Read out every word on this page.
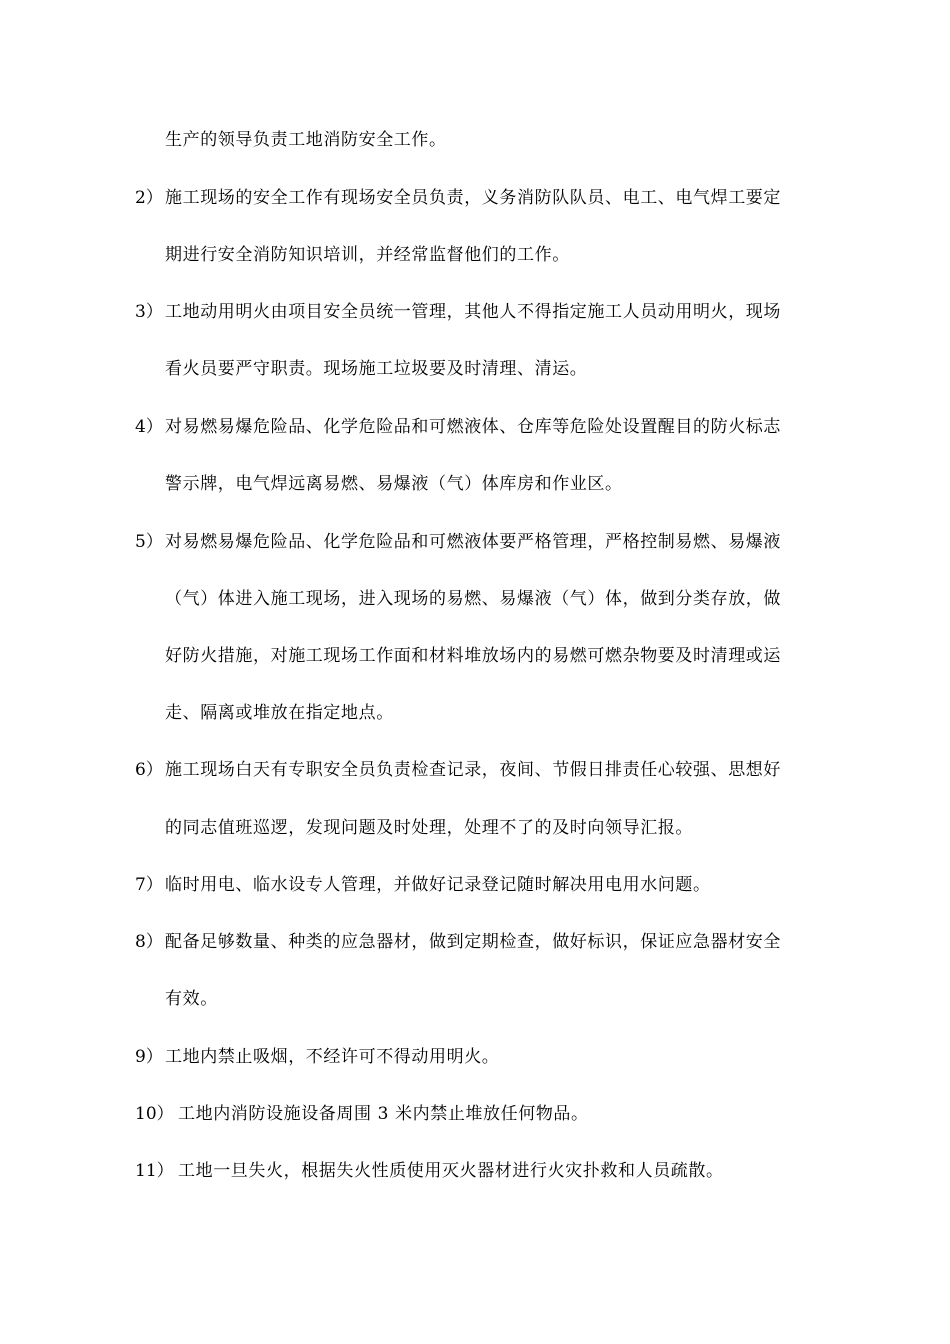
生产的领导负责工地消防安全工作。
2） 施工现场的安全工作有现场安全员负责，义务消防队队员、电工、电气焊工要定
期进行安全消防知识培训，并经常监督他们的工作。
3） 工地动用明火由项目安全员统一管理，其他人不得指定施工人员动用明火，现场
看火员要严守职责。现场施工垃圾要及时清理、清运。
4） 对易燃易爆危险品、化学危险品和可燃液体、仓库等危险处设置醒目的防火标志
警示牌，电气焊远离易燃、易爆液（气）体库房和作业区。
5） 对易燃易爆危险品、化学危险品和可燃液体要严格管理，严格控制易燃、易爆液
（气）体进入施工现场，进入现场的易燃、易爆液（气）体，做到分类存放，做
好防火措施，对施工现场工作面和材料堆放场内的易燃可燃杂物要及时清理或运
走、隔离或堆放在指定地点。
6） 施工现场白天有专职安全员负责检查记录，夜间、节假日排责任心较强、思想好
的同志值班巡逻，发现问题及时处理，处理不了的及时向领导汇报。
7） 临时用电、临水设专人管理，并做好记录登记随时解决用电用水问题。
8） 配备足够数量、种类的应急器材，做到定期检查，做好标识，保证应急器材安全
有效。
9） 工地内禁止吸烟，不经许可不得动用明火。
10） 工地内消防设施设备周围 3 米内禁止堆放任何物品。
11） 工地一旦失火，根据失火性质使用灭火器材进行火灾扑救和人员疏散。
